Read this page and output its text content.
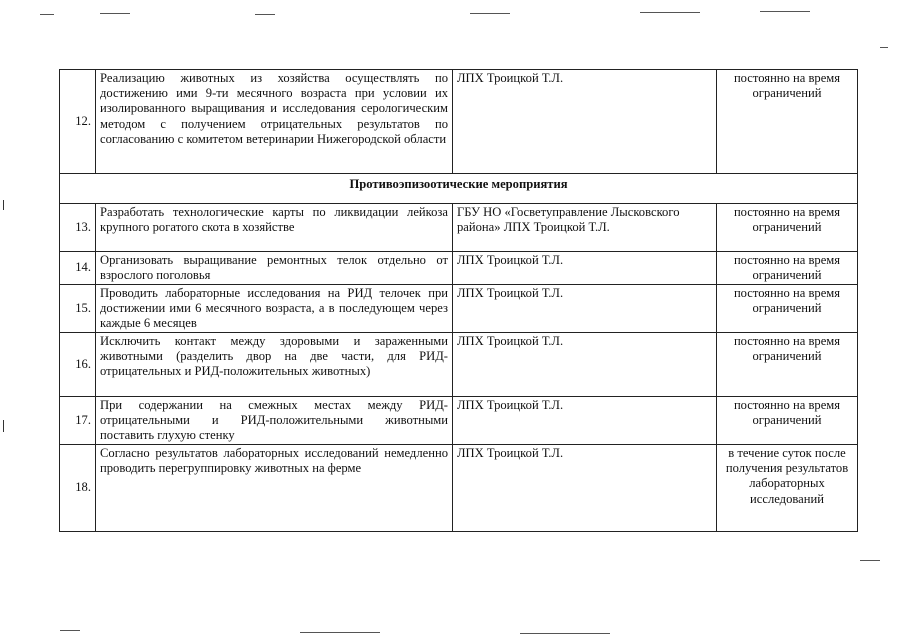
12.	Реализацию животных из хозяйства осуществлять по достижению ими 9-ти месячного возраста при условии их изолированного выращивания и исследования серологическим методом с получением отрицательных результатов по согласованию с комитетом ветеринарии Нижегородской области	ЛПХ Троицкой Т.Л.	постоянно на время ограничений
Противоэпизоотические мероприятия			
13.	Разработать технологические карты по ликвидации лейкоза крупного рогатого скота в хозяйстве	ГБУ НО «Госветуправление Лысковского района» ЛПХ Троицкой Т.Л.	постоянно на время ограничений
14.	Организовать выращивание ремонтных телок отдельно от взрослого поголовья	ЛПХ Троицкой Т.Л.	постоянно на время ограничений
15.	Проводить лабораторные исследования на РИД телочек при достижении ими 6 месячного возраста, а в последующем через каждые 6 месяцев	ЛПХ Троицкой Т.Л.	постоянно на время ограничений
16.	Исключить контакт между здоровыми и зараженными животными (разделить двор на две части, для РИД-отрицательных и РИД-положительных животных)	ЛПХ Троицкой Т.Л.	постоянно на время ограничений
17.	При содержании на смежных местах между РИД-отрицательными и РИД-положительными животными поставить глухую стенку	ЛПХ Троицкой Т.Л.	постоянно на время ограничений
18.	Согласно результатов лабораторных исследований немедленно проводить перегруппировку животных на ферме	ЛПХ Троицкой Т.Л.	в течение суток после получения результатов лабораторных исследований
